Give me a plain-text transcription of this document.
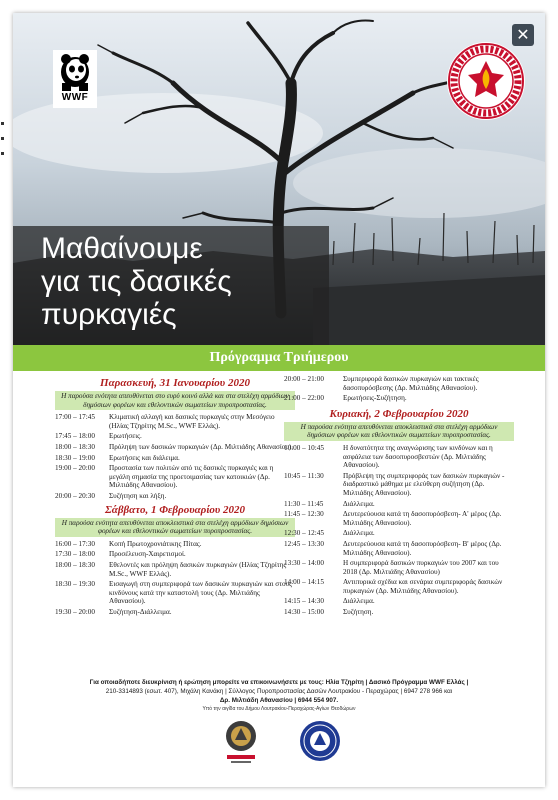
WWF
Μαθαίνουμε
για τις δασικές
πυρκαγιές
Πρόγραμμα Τριήμερου
Παρασκευή, 31 Ιανουαρίου 2020
Η παρούσα ενότητα απευθύνεται στο ευρύ κοινό αλλά και στα στελέχη αρμόδιων δημόσιων φορέων και εθελοντικών σωματείων πυροπροστασίας.
17:00 – 17:45	Κλιματική αλλαγή και δασικές πυρκαγιές στην Μεσόγειο (Ηλίας Τζηρίτης M.Sc., WWF Ελλάς).
17:45 – 18:00	Ερωτήσεις.
18:00 – 18:30	Πρόληψη των δασικών πυρκαγιών (Δρ. Μιλτιάδης Αθανασίου).
18:30 – 19:00	Ερωτήσεις και διάλειμα.
19:00 – 20:00	Προστασία των πολιτών από τις δασικές πυρκαγιές και η μεγάλη σημασία της προετοιμασίας των κατοικιών (Δρ. Μιλτιάδης Αθανασίου).
20:00 – 20:30	Συζήτηση και λήξη.
Σάββατο, 1 Φεβρουαρίου 2020
Η παρούσα ενότητα απευθύνεται αποκλειστικά στα στελέχη αρμόδιων δημόσιων φορέων και εθελοντικών σωματείων πυροπροστασίας.
16:00 – 17:30	Κοπή Πρωτοχρονιάτικης Πίτας.
17:30 – 18:00	Προσέλευση-Χαιρετισμοί.
18:00 – 18:30	Εθελοντές και πρόληψη δασικών πυρκαγιών (Ηλίας Τζηρίτης M.Sc., WWF Ελλάς).
18:30 – 19:30	Εισαγωγή στη συμπεριφορά των δασικών πυρκαγιών και στους κινδύνους κατά την καταστολή τους (Δρ. Μιλτιάδης Αθανασίου).
19:30 – 20:00	Συζήτηση-Διάλλειμα.
20:00 – 21:00	Συμπεριφορά δασικών πυρκαγιών και τακτικές δασοπυρόσβεσης (Δρ. Μιλτιάδης Αθανασίου).
21:00 – 22:00	Ερωτήσεις-Συζήτηση.
Κυριακή, 2 Φεβρουαρίου 2020
Η παρούσα ενότητα απευθύνεται αποκλειστικά στα στελέχη αρμόδιων δημόσιων φορέων και εθελοντικών σωματείων πυροπροστασίας.
10:00 – 10:45	Η δυνατότητα της αναγνώρισης των κινδύνων και η ασφάλεια των δασοπυροσβεστών (Δρ. Μιλτιάδης Αθανασίου).
10:45 – 11:30	Πρόβλεψη της συμπεριφοράς των δασικών πυρκαγιών - διαδραστικό μάθημα με ελεύθερη συζήτηση (Δρ. Μιλτιάδης Αθανασίου).
11:30 – 11:45	Διάλλειμα.
11:45 – 12:30	Δευτερεύουσα κατά τη δασοπυρόσβεση- Α' μέρος (Δρ. Μιλτιάδης Αθανασίου).
12:30 – 12:45	Διάλλειμα.
12:45 – 13:30	Δευτερεύουσα κατά τη δασοπυρόσβεση- Β' μέρος (Δρ. Μιλτιάδης Αθανασίου).
13:30 – 14:00	Η συμπεριφορά δασικών πυρκαγιών του 2007 και του 2018 (Δρ. Μιλτιάδης Αθανασίου)
14:00 – 14:15	Αντιπυρικά σχέδια και σενάρια συμπεριφοράς δασικών πυρκαγιών (Δρ. Μιλτιάδης Αθανασίου).
14:15 – 14:30	Διάλλειμα.
14:30 – 15:00	Συζήτηση.
Για οποιαδήποτε διευκρίνιση ή ερώτηση μπορείτε να επικοινωνήσετε με τους: Ηλία Τζηρίτη | Δασικό Πρόγραμμα WWF Ελλάς |
210-3314893 (εσωτ. 407), Μιχάλη Κανάκη | Σύλλογος Πυροπροστασίας Δασών Λουτρακίου - Περαχώρας | 6947 278 966 και
Δρ. Μιλτιάδη Αθανασίου | 6944 554 907.
Υπό την αιγίδα του Δήμου Λουτρακίου-Περαχώρας-Αγίων Θεοδώρων
✕
